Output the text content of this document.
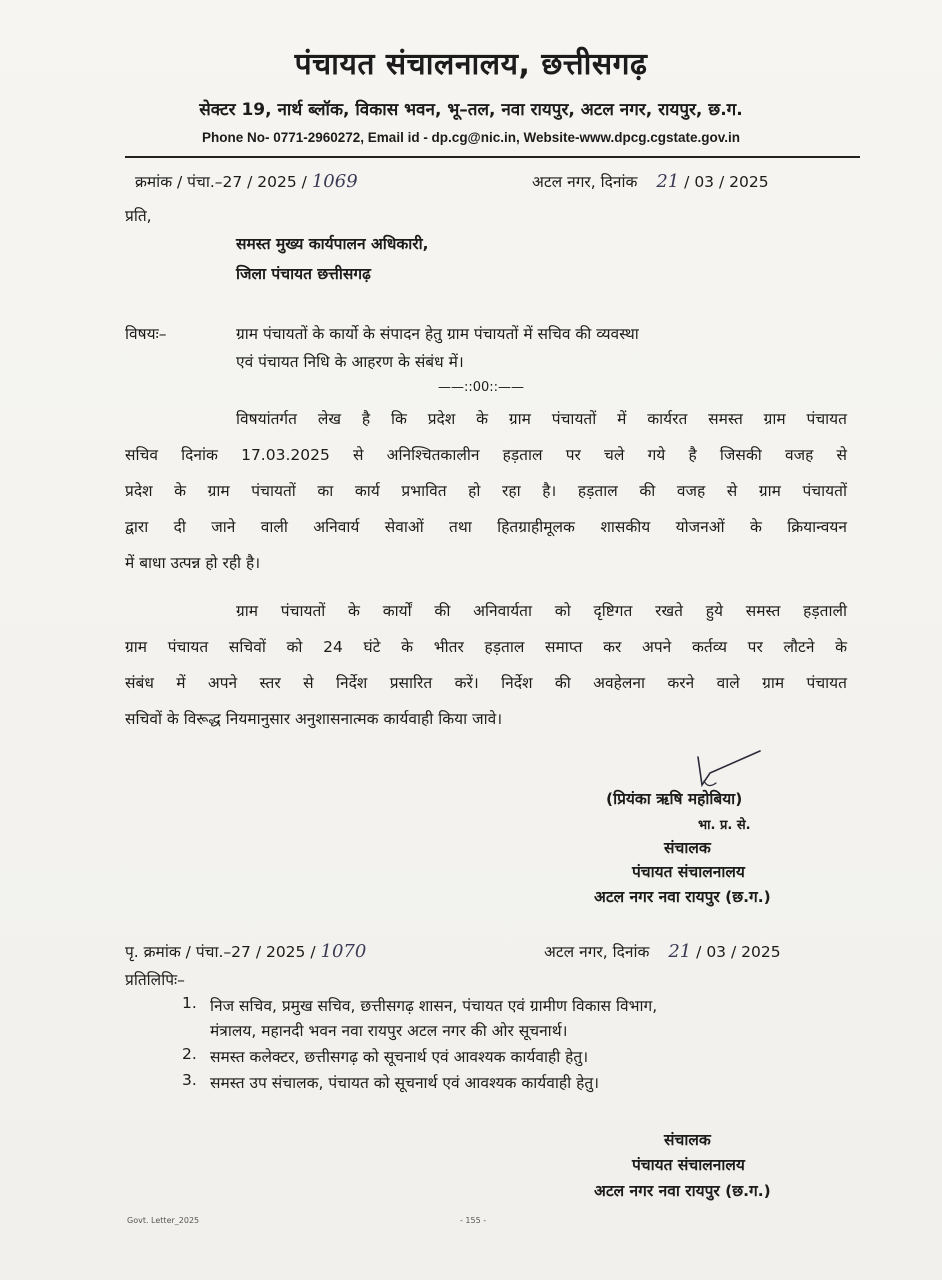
पंचायत संचालनालय, छत्तीसगढ़
सेक्टर 19, नार्थ ब्लॉक, विकास भवन, भू–तल, नवा रायपुर, अटल नगर, रायपुर, छ.ग.
Phone No- 0771-2960272, Email id - dp.cg@nic.in, Website-www.dpcg.cgstate.gov.in
क्रमांक / पंचा.–27 / 2025 / 1069	अटल नगर, दिनांक 21 / 03 / 2025
प्रति,
समस्त मुख्य कार्यपालन अधिकारी,
जिला पंचायत छत्तीसगढ़
विषयः–	ग्राम पंचायतों के कार्यो के संपादन हेतु ग्राम पंचायतों में सचिव की व्यवस्था
एवं पंचायत निधि के आहरण के संबंध में।
——::00::——
विषयांतर्गत लेख है कि प्रदेश के ग्राम पंचायतों में कार्यरत समस्त ग्राम पंचायत
सचिव दिनांक 17.03.2025 से अनिश्चितकालीन हड़ताल पर चले गये है जिसकी वजह से
प्रदेश के ग्राम पंचायतों का कार्य प्रभावित हो रहा है। हड़ताल की वजह से ग्राम पंचायतों
द्वारा दी जाने वाली अनिवार्य सेवाओं तथा हितग्राहीमूलक शासकीय योजनओं के क्रियान्वयन
में बाधा उत्पन्न हो रही है।
ग्राम पंचायतों के कार्यों की अनिवार्यता को दृष्टिगत रखते हुये समस्त हड़ताली
ग्राम पंचायत सचिवों को 24 घंटे के भीतर हड़ताल समाप्त कर अपने कर्तव्य पर लौटने के
संबंध में अपने स्तर से निर्देश प्रसारित करें। निर्देश की अवहेलना करने वाले ग्राम पंचायत
सचिवों के विरूद्ध नियमानुसार अनुशासनात्मक कार्यवाही किया जावे।
(प्रियंका ऋषि महोबिया)
भा. प्र. से.
संचालक
पंचायत संचालनालय
अटल नगर नवा रायपुर (छ.ग.)
पृ. क्रमांक / पंचा.–27 / 2025 / 1070	अटल नगर, दिनांक 21 / 03 / 2025
प्रतिलिपिः–
1. निज सचिव, प्रमुख सचिव, छत्तीसगढ़ शासन, पंचायत एवं ग्रामीण विकास विभाग,
मंत्रालय, महानदी भवन नवा रायपुर अटल नगर की ओर सूचनार्थ।
2. समस्त कलेक्टर, छत्तीसगढ़ को सूचनार्थ एवं आवश्यक कार्यवाही हेतु।
3. समस्त उप संचालक, पंचायत को सूचनार्थ एवं आवश्यक कार्यवाही हेतु।
संचालक
पंचायत संचालनालय
अटल नगर नवा रायपुर (छ.ग.)
Govt. Letter_2025	- 155 -
